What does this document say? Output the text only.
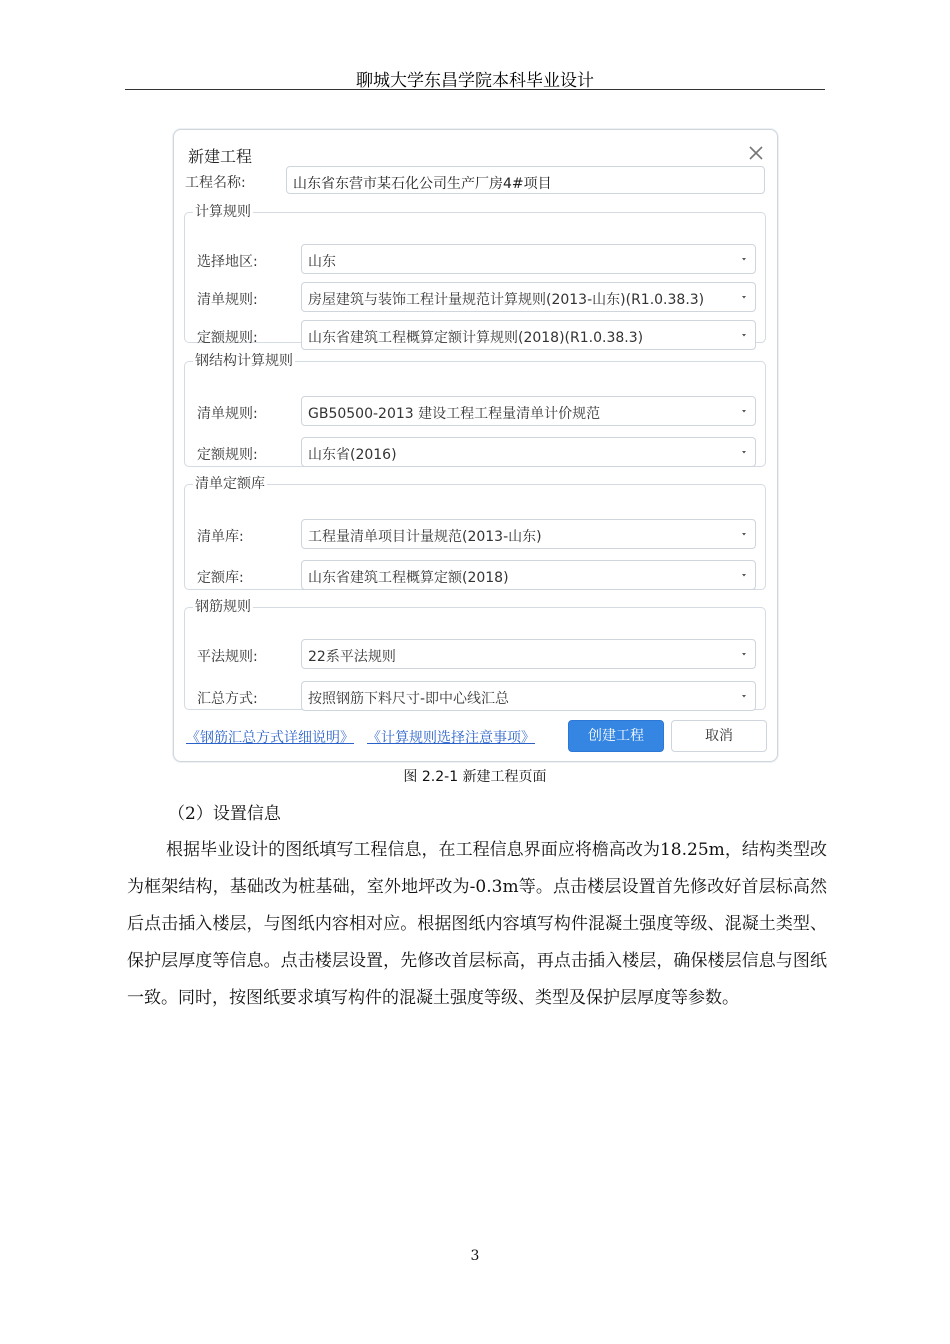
聊城大学东昌学院本科毕业设计
新建工程
工程名称:	山东省东营市某石化公司生产厂房4#项目
计算规则
选择地区:	山东
清单规则:	房屋建筑与装饰工程计量规范计算规则(2013-山东)(R1.0.38.3)
定额规则:	山东省建筑工程概算定额计算规则(2018)(R1.0.38.3)
钢结构计算规则
清单规则:	GB50500-2013 建设工程工程量清单计价规范
定额规则:	山东省(2016)
清单定额库
清单库:	工程量清单项目计量规范(2013-山东)
定额库:	山东省建筑工程概算定额(2018)
钢筋规则
平法规则:	22系平法规则
汇总方式:	按照钢筋下料尺寸-即中心线汇总
《钢筋汇总方式详细说明》 《计算规则选择注意事项》	创建工程	取消
图 2.2-1 新建工程页面
（2）设置信息
根据毕业设计的图纸填写工程信息，在工程信息界面应将檐高改为18.25m，结构类型改为框架结构，基础改为桩基础，室外地坪改为-0.3m等。点击楼层设置首先修改好首层标高然后点击插入楼层，与图纸内容相对应。根据图纸内容填写构件混凝土强度等级、混凝土类型、保护层厚度等信息。点击楼层设置，先修改首层标高，再点击插入楼层，确保楼层信息与图纸一致。同时，按图纸要求填写构件的混凝土强度等级、类型及保护层厚度等参数。
3
